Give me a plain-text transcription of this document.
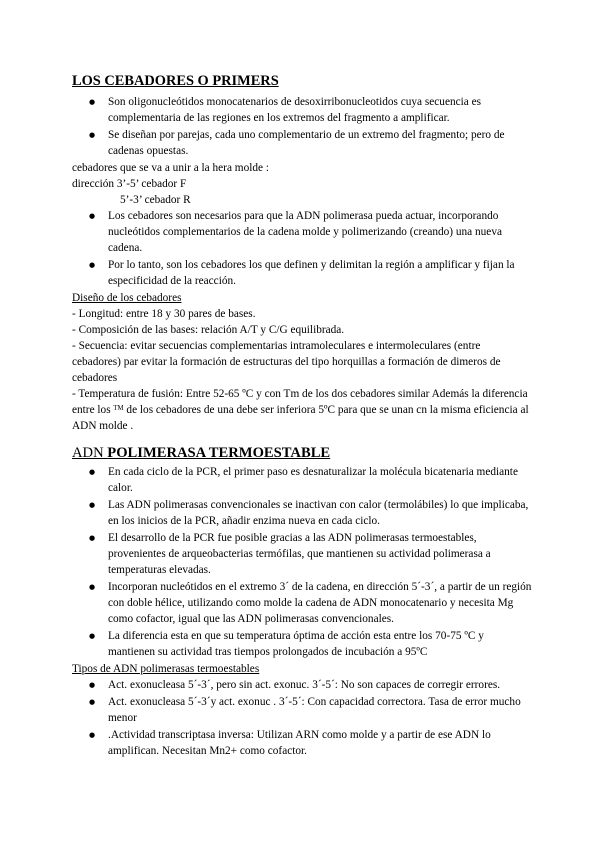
LOS CEBADORES O PRIMERS
● Son oligonucleótidos monocatenarios de desoxirribonucleotidos cuya secuencia es complementaria de las regiones en los extremos del fragmento a amplificar.
● Se diseñan por parejas, cada uno complementario de un extremo del fragmento; pero de cadenas opuestas.

cebadores que se va a unir a la hera molde :

dirección 3’-5’ cebador F

5’-3’ cebador R

● Los cebadores son necesarios para que la ADN polimerasa pueda actuar, incorporando nucleótidos complementarios de la cadena molde y polimerizando (creando) una nueva cadena.
● Por lo tanto, son los cebadores los que definen y delimitan la región a amplificar y fijan la especificidad de la reacción.

Diseño de los cebadores

- Longitud: entre 18 y 30 pares de bases.

- Composición de las bases: relación A/T y C/G equilibrada.

- Secuencia: evitar secuencias complementarias intramoleculares e intermoleculares (entre cebadores) par evitar la formación de estructuras del tipo horquillas a formación de dimeros de cebadores

- Temperatura de fusión: Entre 52-65 ºC y con Tm de los dos cebadores similar Además la diferencia entre los ᵀᴹ de los cebadores de una debe ser inferiora 5ºC para que se unan cn la misma eficiencia al ADN molde .

ADN POLIMERASA TERMOESTABLE
● En cada ciclo de la PCR, el primer paso es desnaturalizar la molécula bicatenaria mediante calor.
● Las ADN polimerasas convencionales se inactivan con calor (termolábiles) lo que implicaba, en los inicios de la PCR, añadir enzima nueva en cada ciclo.
● El desarrollo de la PCR fue posible gracias a las ADN polimerasas termoestables, provenientes de arqueobacterias termófilas, que mantienen su actividad polimerasa a temperaturas elevadas.
● Incorporan nucleótidos en el extremo 3´ de la cadena, en dirección 5´-3´, a partir de un región con doble hélice, utilizando como molde la cadena de ADN monocatenario y necesita Mg como cofactor, igual que las ADN polimerasas convencionales.
● La diferencia esta en que su temperatura óptima de acción esta entre los 70-75 ºC y mantienen su actividad tras tiempos prolongados de incubación a 95ºC

Tipos de ADN polimerasas termoestables

● Act. exonucleasa 5´-3´, pero sin act. exonuc. 3´-5´: No son capaces de corregir errores.
● Act. exonucleasa 5´-3´y act. exonuc . 3´-5´: Con capacidad correctora. Tasa de error mucho menor
● .Actividad transcriptasa inversa: Utilizan ARN como molde y a partir de ese ADN lo amplifican. Necesitan Mn2+ como cofactor.
